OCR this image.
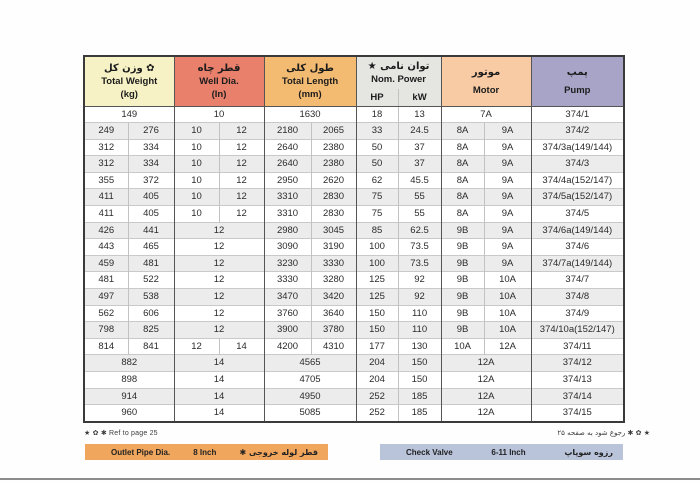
✿ وزن کل
Total Weight
(kg)

قطر چاه
Well Dia.
(In)

طول کلی
Total Length
(mm)

توان نامی ★
Nom. Power

موتور
Motor

پمپ
Pump

						HP	kW			
149		10		1630		18	13	7A		374/1
249	276	10	12	2180	2065	33	24.5	8A	9A	374/2
312	334	10	12	2640	2380	50	37	8A	9A	374/3a(149/144)
312	334	10	12	2640	2380	50	37	8A	9A	374/3
355	372	10	12	2950	2620	62	45.5	8A	9A	374/4a(152/147)
411	405	10	12	3310	2830	75	55	8A	9A	374/5a(152/147)
411	405	10	12	3310	2830	75	55	8A	9A	374/5
426	441	12		2980	3045	85	62.5	9B	9A	374/6a(149/144)
443	465	12		3090	3190	100	73.5	9B	9A	374/6
459	481	12		3230	3330	100	73.5	9B	9A	374/7a(149/144)
481	522	12		3330	3280	125	92	9B	10A	374/7
497	538	12		3470	3420	125	92	9B	10A	374/8
562	606	12		3760	3640	150	110	9B	10A	374/9
798	825	12		3900	3780	150	110	9B	10A	374/10a(152/147)
814	841	12	14	4200	4310	177	130	10A	12A	374/11
882		14		4565		204	150	12A		374/12
898		14		4705		204	150	12A		374/13
914		14		4950		252	185	12A		374/14
960		14		5085		252	185	12A		374/15
★ ✿ ✱ Ref to page 25	★ ✿ ✱ رجوع شود به صفحه ۲۵
Outlet Pipe Dia.	8 Inch	قطر لوله خروجی ✱	Check Valve	6-11 Inch	رزوه سوپاپ
